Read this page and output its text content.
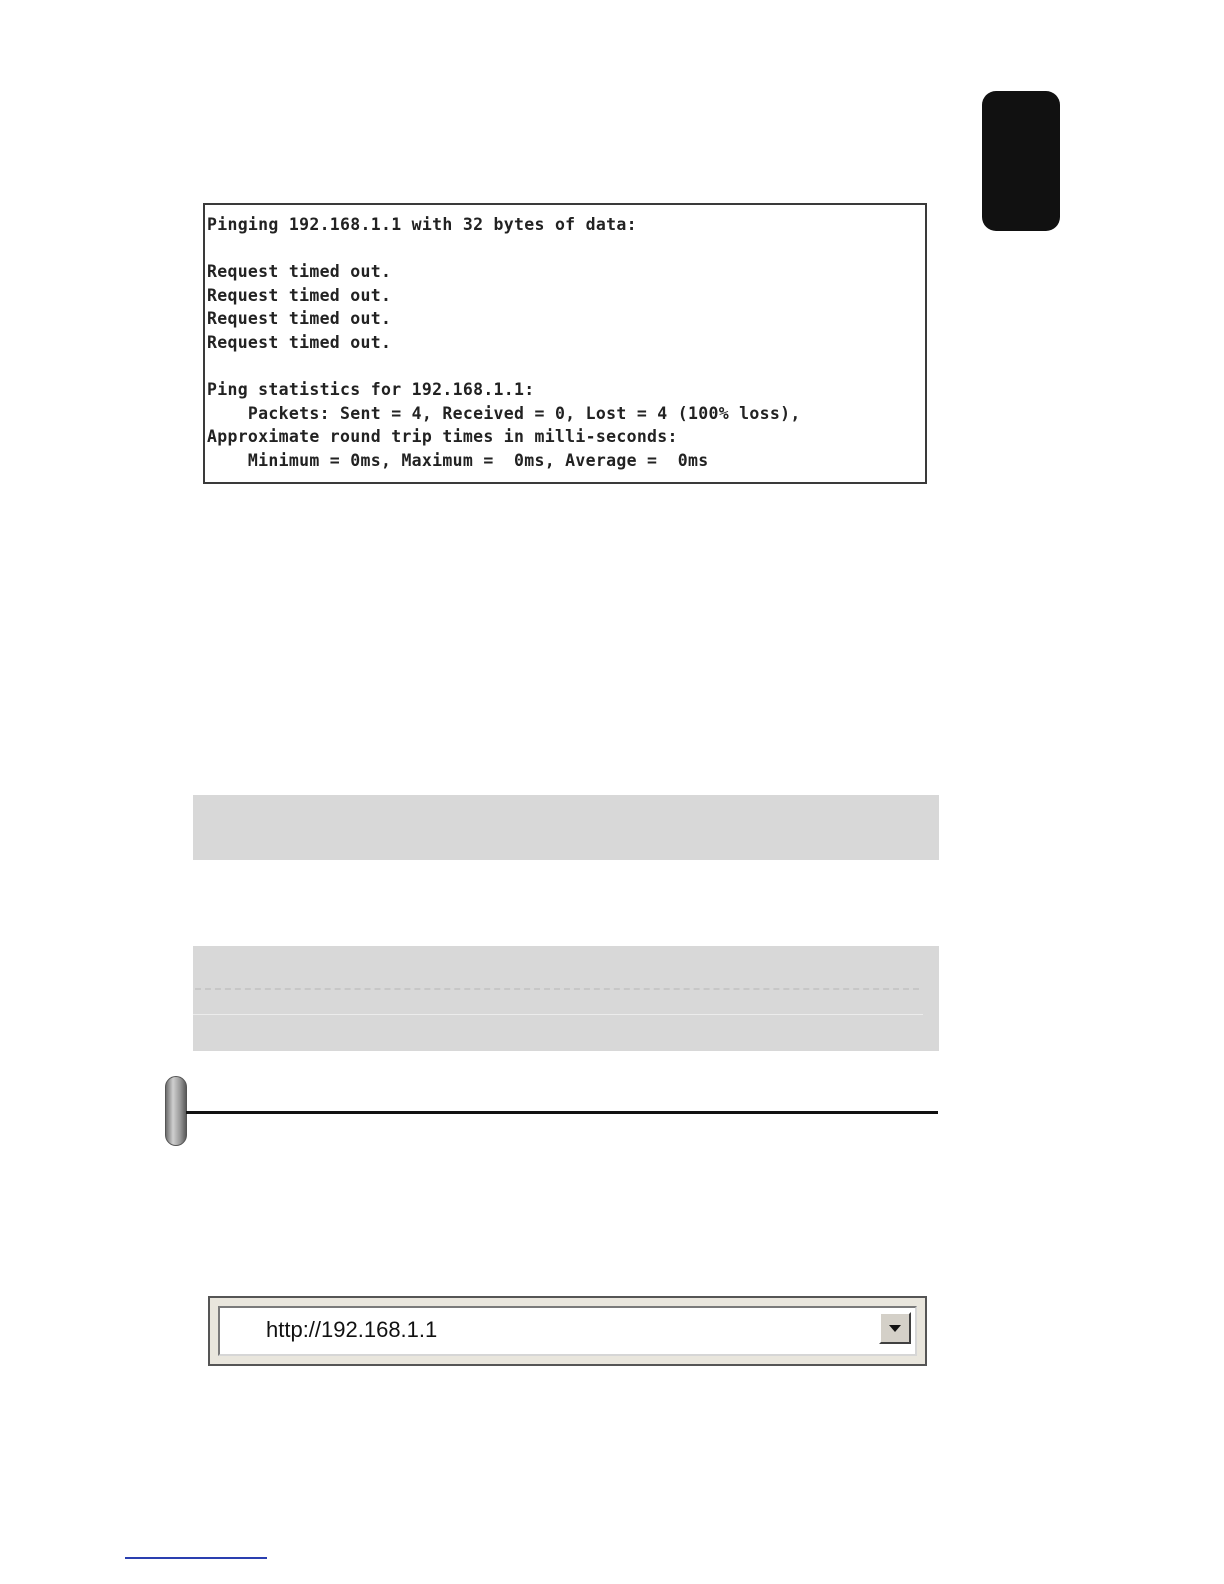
Pinging 192.168.1.1 with 32 bytes of data:
Request timed out.
Request timed out.
Request timed out.
Request timed out.
Ping statistics for 192.168.1.1:
Packets: Sent = 4, Received = 0, Lost = 4 (100% loss),
Approximate round trip times in milli-seconds:
Minimum = 0ms, Maximum =  0ms, Average =  0ms
http://192.168.1.1
